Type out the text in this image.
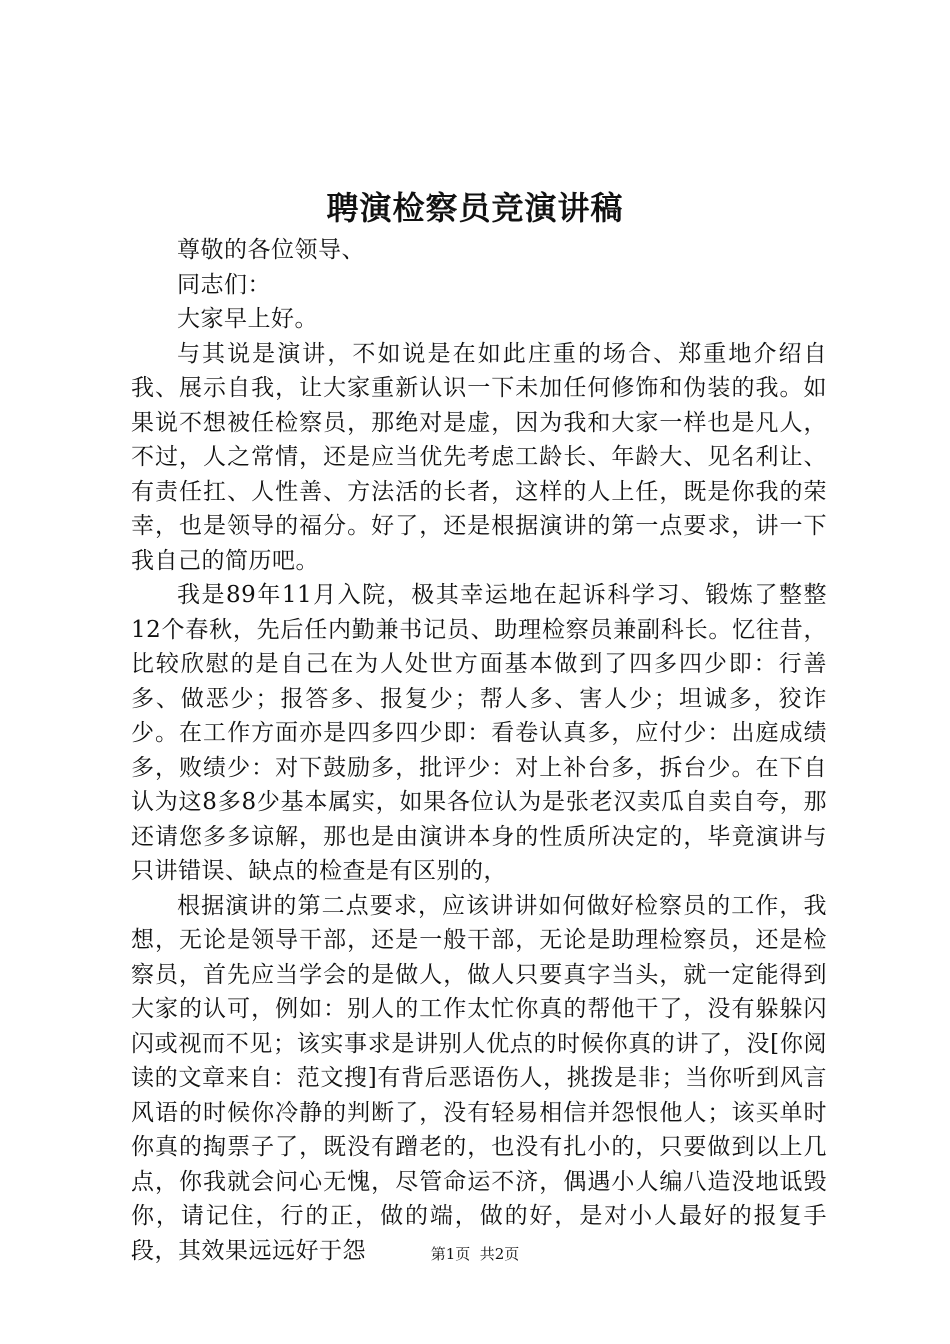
聘演检察员竞演讲稿

尊敬的各位领导、

同志们：

大家早上好。

与其说是演讲，不如说是在如此庄重的场合、郑重地介绍自我、展示自我，让大家重新认识一下未加任何修饰和伪装的我。如果说不想被任检察员，那绝对是虚，因为我和大家一样也是凡人，不过，人之常情，还是应当优先考虑工龄长、年龄大、见名利让、有责任扛、人性善、方法活的长者，这样的人上任，既是你我的荣幸，也是领导的福分。好了，还是根据演讲的第一点要求，讲一下我自己的简历吧。

我是89年11月入院，极其幸运地在起诉科学习、锻炼了整整12个春秋，先后任内勤兼书记员、助理检察员兼副科长。忆往昔，比较欣慰的是自己在为人处世方面基本做到了四多四少即：行善多、做恶少；报答多、报复少；帮人多、害人少；坦诚多，狡诈少。在工作方面亦是四多四少即：看卷认真多，应付少：出庭成绩多，败绩少：对下鼓励多，批评少：对上补台多，拆台少。在下自认为这8多8少基本属实，如果各位认为是张老汉卖瓜自卖自夸，那还请您多多谅解，那也是由演讲本身的性质所决定的，毕竟演讲与只讲错误、缺点的检查是有区别的，

根据演讲的第二点要求，应该讲讲如何做好检察员的工作，我想，无论是领导干部，还是一般干部，无论是助理检察员，还是检察员，首先应当学会的是做人，做人只要真字当头，就一定能得到大家的认可，例如：别人的工作太忙你真的帮他干了，没有躲躲闪闪或视而不见；该实事求是讲别人优点的时候你真的讲了，没[你阅读的文章来自：范文搜]有背后恶语伤人，挑拨是非；当你听到风言风语的时候你冷静的判断了，没有轻易相信并怨恨他人；该买单时你真的掏票子了，既没有蹭老的，也没有扎小的，只要做到以上几点，你我就会问心无愧，尽管命运不济，偶遇小人编八造没地诋毁你，请记住，行的正，做的端，做的好，是对小人最好的报复手段，其效果远远好于怨	第1页  共2页
